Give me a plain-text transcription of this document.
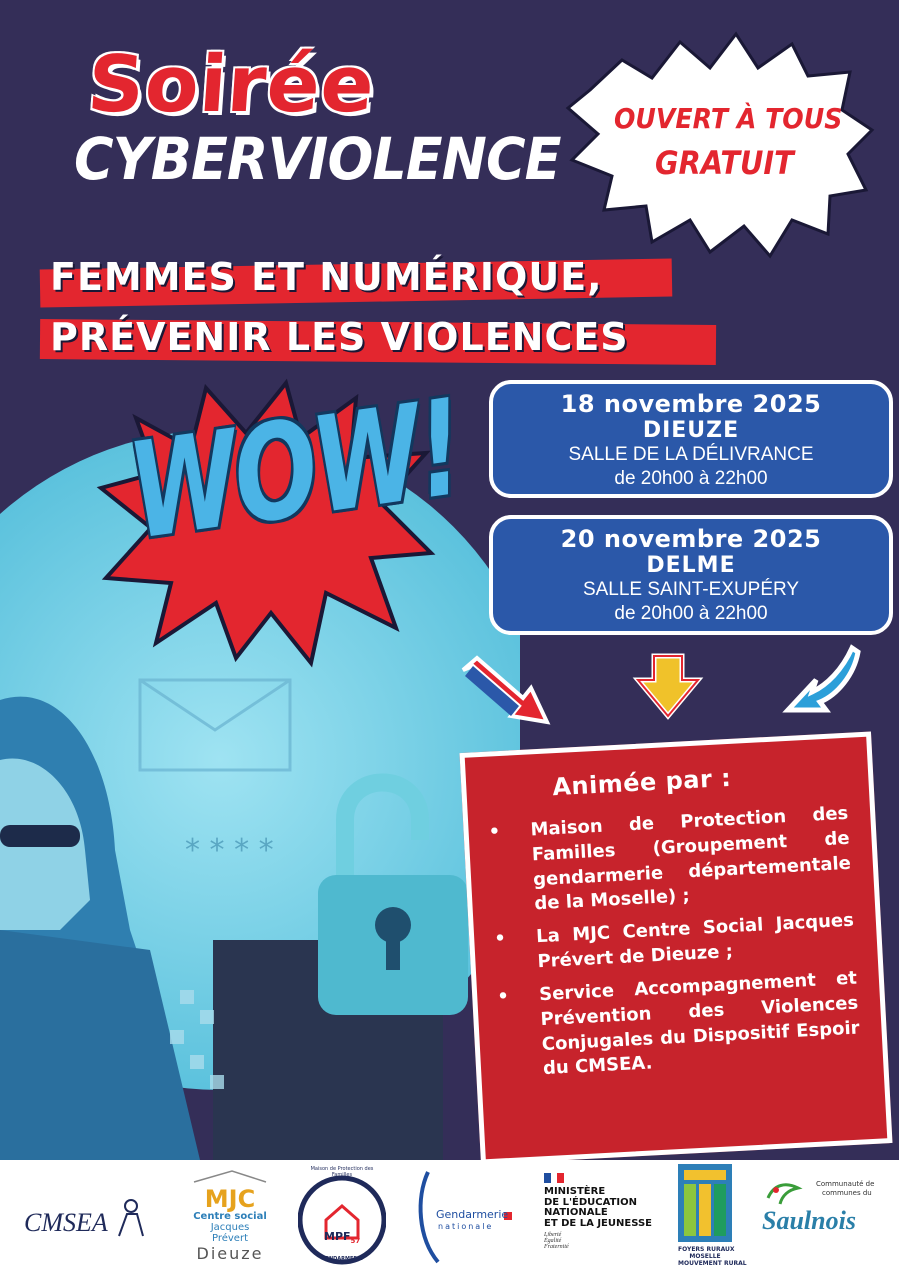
* * * *
Soirée
CYBERVIOLENCE
OUVERT À TOUS
GRATUIT
FEMMES ET NUMÉRIQUE,
PRÉVENIR LES VIOLENCES
WOW!	18 novembre 2025
DIEUZE
SALLE DE LA DÉLIVRANCE
de 20h00 à 22h00
20 novembre 2025
DELME
SALLE SAINT-EXUPÉRY
de 20h00 à 22h00
Animée par :
• Maison de Protection des Familles (Groupement de gendarmerie départementale de la Moselle) ;
• La MJC Centre Social Jacques Prévert de Dieuze ;
• Service Accompagnement et Prévention des Violences Conjugales du Dispositif Espoir du CMSEA.
CMSEA
MJC
Centre social
Jacques Prévert
Dieuze
$MPF_{57}$
Maison de Protection des Familles
GENDARMERIE
Gendarmerie
nationale
MINISTÈRE
DE L'ÉDUCATION
NATIONALE
ET DE LA JEUNESSE
Liberté
Égalité
Fraternité	FOYERS RURAUX
MOSELLE
MOUVEMENT RURAL
Communauté de
communes du
Saulnois
